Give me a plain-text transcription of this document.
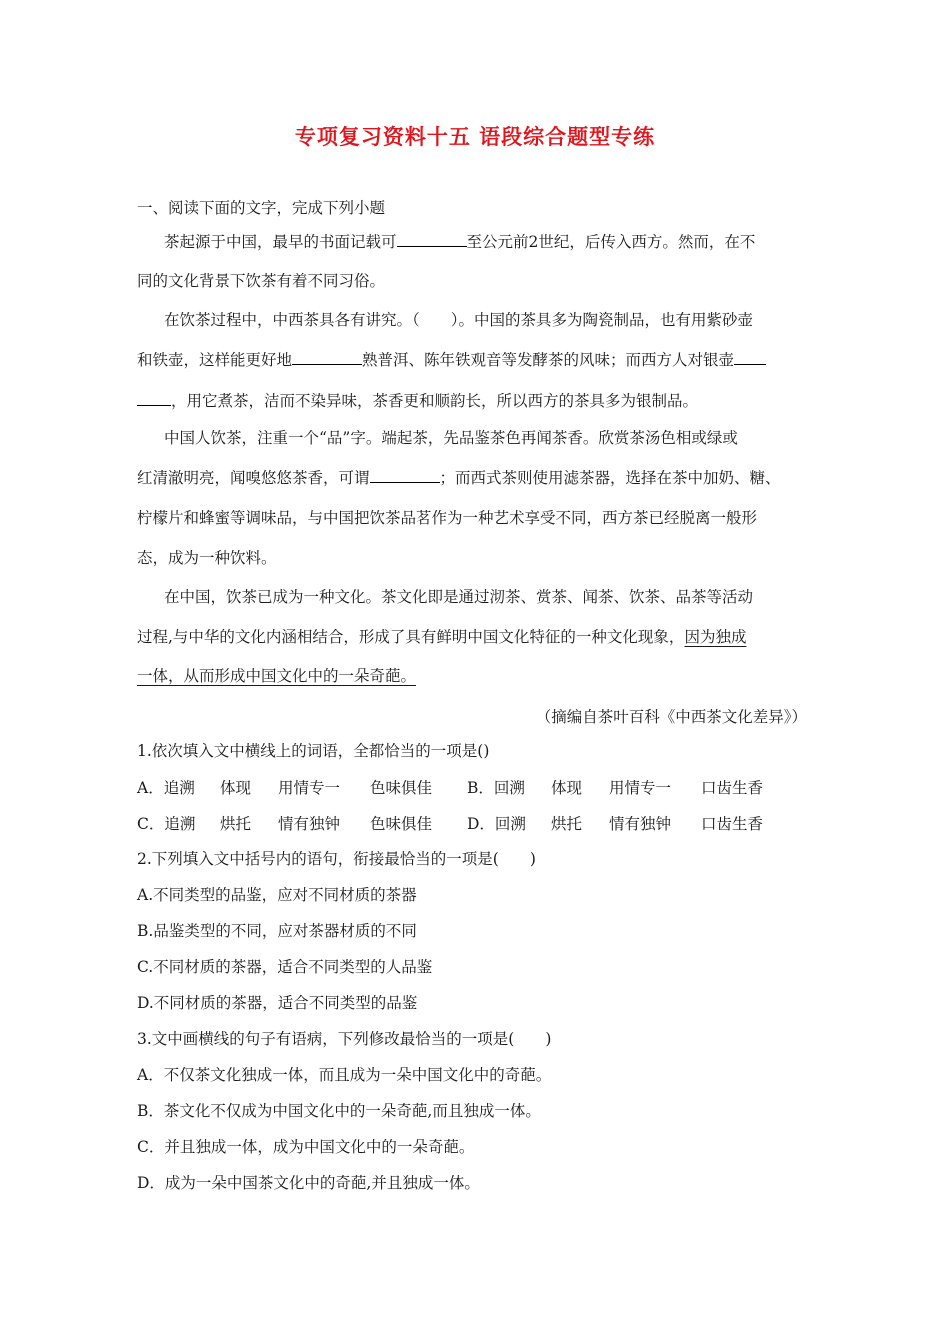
专项复习资料十五 语段综合题型专练
一、阅读下面的文字，完成下列小题
茶起源于中国，最早的书面记载可	至公元前2世纪，后传入西方。然而，在不
同的文化背景下饮茶有着不同习俗。
在饮茶过程中，中西茶具各有讲究。（　　）。中国的茶具多为陶瓷制品，也有用紫砂壶
和铁壶，这样能更好地	熟普洱、陈年铁观音等发酵茶的风味；而西方人对银壶
，用它煮茶，洁而不染异味，茶香更和顺韵长，所以西方的茶具多为银制品。
中国人饮茶，注重一个“品”字。端起茶，先品鉴茶色再闻茶香。欣赏茶汤色相或绿或
红清澈明亮，闻嗅悠悠茶香，可谓	；而西式茶则使用滤茶器，选择在茶中加奶、糖、
柠檬片和蜂蜜等调味品，与中国把饮茶品茗作为一种艺术享受不同，西方茶已经脱离一般形
态，成为一种饮料。
在中国，饮茶已成为一种文化。茶文化即是通过沏茶、赏茶、闻茶、饮茶、品茶等活动
过程,与中华的文化内涵相结合，形成了具有鲜明中国文化特征的一种文化现象，因为独成
一体，从而形成中国文化中的一朵奇葩。
（摘编自茶叶百科《中西茶文化差异》）
1.依次填入文中横线上的词语，全都恰当的一项是()
A．追溯 体现 用情专一 色味俱佳 B．回溯 体现 用情专一 口齿生香
C．追溯 烘托 情有独钟 色味俱佳 D．回溯 烘托 情有独钟 口齿生香
2.下列填入文中括号内的语句，衔接最恰当的一项是(　　)
A.不同类型的品鉴，应对不同材质的茶器
B.品鉴类型的不同，应对茶器材质的不同
C.不同材质的茶器，适合不同类型的人品鉴
D.不同材质的茶器，适合不同类型的品鉴
3.文中画横线的句子有语病，下列修改最恰当的一项是(　　)
A．不仅茶文化独成一体，而且成为一朵中国文化中的奇葩。
B．茶文化不仅成为中国文化中的一朵奇葩,而且独成一体。
C．并且独成一体，成为中国文化中的一朵奇葩。
D．成为一朵中国茶文化中的奇葩,并且独成一体。
